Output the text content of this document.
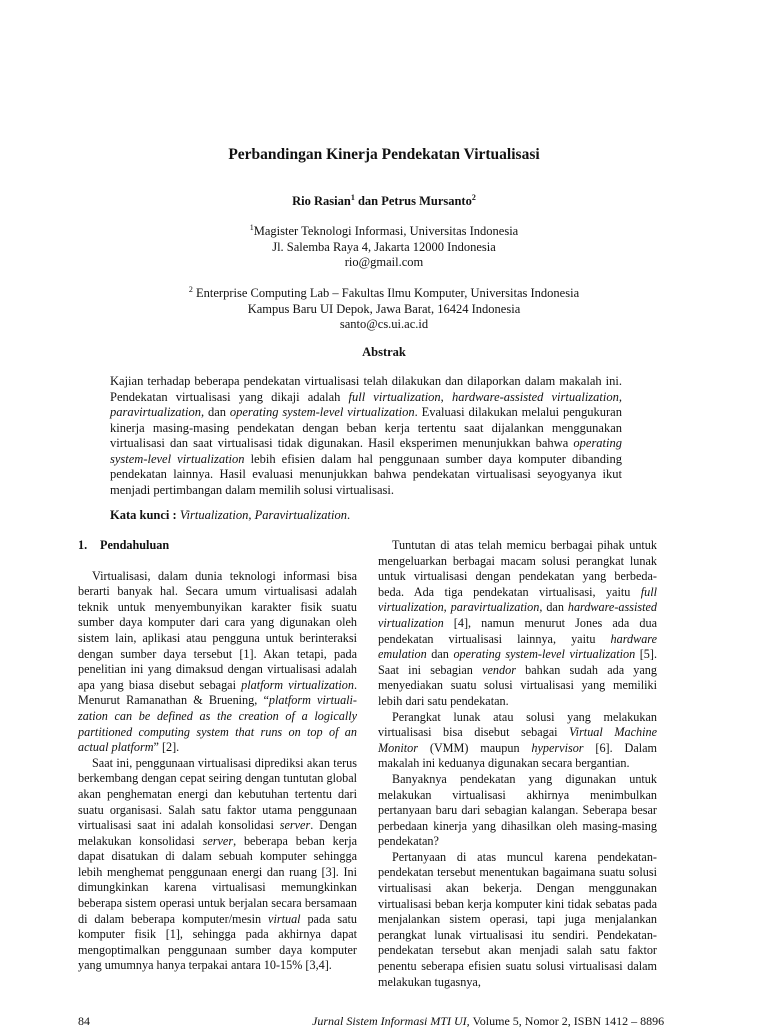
Perbandingan Kinerja Pendekatan Virtualisasi
Rio Rasian$^1$ dan Petrus Mursanto$^2$
$^1$Magister Teknologi Informasi, Universitas Indonesia
Jl. Salemba Raya 4, Jakarta 12000 Indonesia
rio@gmail.com
$^2$ Enterprise Computing Lab – Fakultas Ilmu Komputer, Universitas Indonesia
Kampus Baru UI Depok, Jawa Barat, 16424 Indonesia
santo@cs.ui.ac.id
Abstrak
Kajian terhadap beberapa pendekatan virtualisasi telah dilakukan dan dilaporkan dalam makalah ini. Pendekatan virtualisasi yang dikaji adalah full virtualization, hardware-assisted virtualization, paravirtualization, dan operating system-level virtualization. Evaluasi dilakukan melalui pengukuran kinerja masing-masing pendekatan dengan beban kerja tertentu saat dijalankan menggunakan virtualisasi dan saat virtualisasi tidak digunakan. Hasil eksperimen menunjukkan bahwa operating system-level virtualization lebih efisien dalam hal penggunaan sumber daya komputer dibanding pendekatan lainnya. Hasil evaluasi menunjukkan bahwa pendekatan virtualisasi seyogyanya ikut menjadi pertimbangan dalam memilih solusi virtualisasi.
Kata kunci : Virtualization, Paravirtualization.
1. Pendahuluan

Virtualisasi, dalam dunia teknologi informasi bisa berarti banyak hal. Secara umum virtualisasi adalah teknik untuk menyembunyikan karakter fisik suatu sumber daya komputer dari cara yang digunakan oleh sistem lain, aplikasi atau pengguna untuk berinteraksi dengan sumber daya tersebut [1]. Akan tetapi, pada penelitian ini yang dimaksud dengan virtualisasi adalah apa yang biasa disebut sebagai platform virtualization. Menurut Ramanathan & Bruening, “platform virtuali-zation can be defined as the creation of a logically partitioned computing system that runs on top of an actual platform” [2].

Saat ini, penggunaan virtualisasi diprediksi akan terus berkembang dengan cepat seiring dengan tuntutan global akan penghematan energi dan kebutuhan tertentu dari suatu organisasi. Salah satu faktor utama penggunaan virtualisasi saat ini adalah konsolidasi server. Dengan melakukan konsolidasi server, beberapa beban kerja dapat disatukan di dalam sebuah komputer sehingga lebih menghemat penggunaan energi dan ruang [3]. Ini dimungkinkan karena virtualisasi memungkinkan beberapa sistem operasi untuk berjalan secara bersamaan di dalam beberapa komputer/mesin virtual pada satu komputer fisik [1], sehingga pada akhirnya dapat mengoptimalkan penggunaan sumber daya komputer yang umumnya hanya terpakai antara 10-15% [3,4].

Tuntutan di atas telah memicu berbagai pihak untuk mengeluarkan berbagai macam solusi perangkat lunak untuk virtualisasi dengan pendekatan yang berbeda-beda. Ada tiga pendekatan virtualisasi, yaitu full virtualization, paravirtualization, dan hardware-assisted virtualization [4], namun menurut Jones ada dua pendekatan virtualisasi lainnya, yaitu hardware emulation dan operating system-level virtualization [5]. Saat ini sebagian vendor bahkan sudah ada yang menyediakan suatu solusi virtualisasi yang memiliki lebih dari satu pendekatan.

Perangkat lunak atau solusi yang melakukan virtualisasi bisa disebut sebagai Virtual Machine Monitor (VMM) maupun hypervisor [6]. Dalam makalah ini keduanya digunakan secara bergantian.

Banyaknya pendekatan yang digunakan untuk melakukan virtualisasi akhirnya menimbulkan pertanyaan baru dari sebagian kalangan. Seberapa besar perbedaan kinerja yang dihasilkan oleh masing-masing pendekatan?

Pertanyaan di atas muncul karena pendekatan-pendekatan tersebut menentukan bagaimana suatu solusi virtualisasi akan bekerja. Dengan menggunakan virtualisasi beban kerja komputer kini tidak sebatas pada menjalankan sistem operasi, tapi juga menjalankan perangkat lunak virtualisasi itu sendiri. Pendekatan-pendekatan tersebut akan menjadi salah satu faktor penentu seberapa efisien suatu solusi virtualisasi dalam melakukan tugasnya,

84	Jurnal Sistem Informasi MTI UI, Volume 5, Nomor 2, ISBN 1412 – 8896
